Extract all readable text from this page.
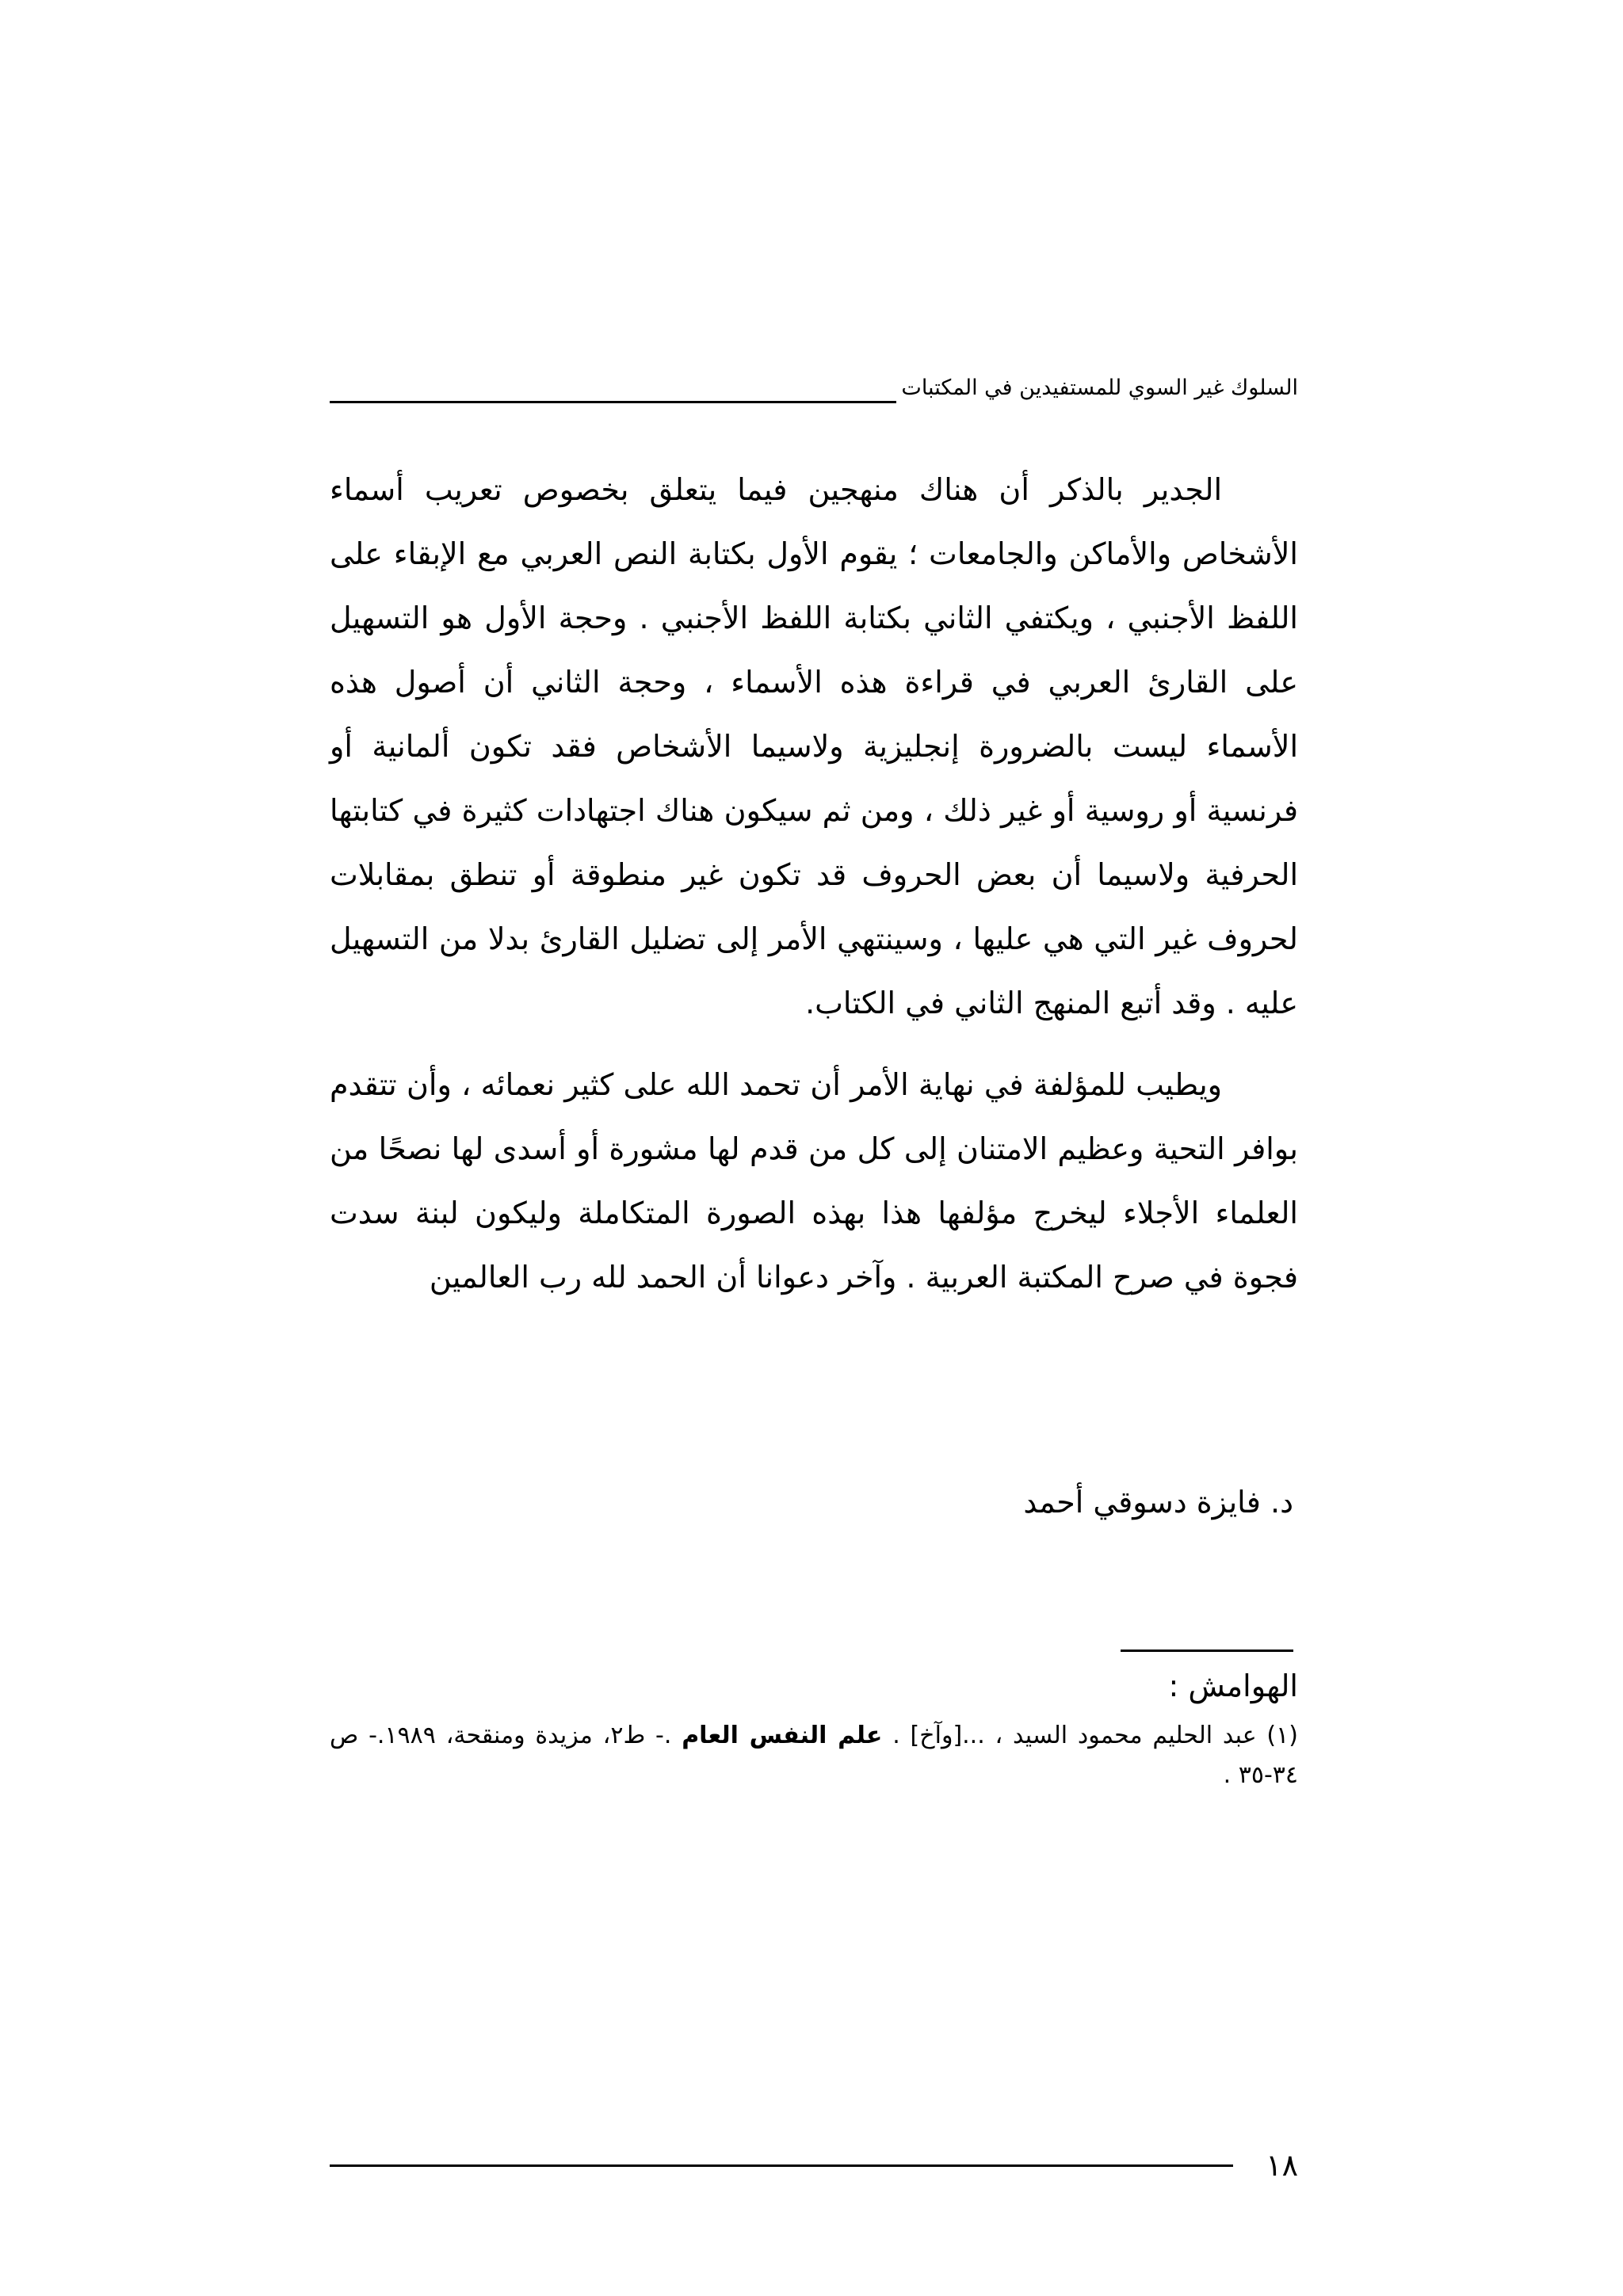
السلوك غير السوي للمستفيدين في المكتبات

الجدير بالذكر أن هناك منهجين فيما يتعلق بخصوص تعريب أسماء الأشخاص والأماكن والجامعات ؛ يقوم الأول بكتابة النص العربي مع الإبقاء على اللفظ الأجنبي ، ويكتفي الثاني بكتابة اللفظ الأجنبي . وحجة الأول هو التسهيل على القارئ العربي في قراءة هذه الأسماء ، وحجة الثاني أن أصول هذه الأسماء ليست بالضرورة إنجليزية ولاسيما الأشخاص فقد تكون ألمانية أو فرنسية أو روسية أو غير ذلك ، ومن ثم سيكون هناك اجتهادات كثيرة في كتابتها الحرفية ولاسيما أن بعض الحروف قد تكون غير منطوقة أو تنطق بمقابلات لحروف غير التي هي عليها ، وسينتهي الأمر إلى تضليل القارئ بدلا من التسهيل عليه . وقد أتبع المنهج الثاني في الكتاب.

ويطيب للمؤلفة في نهاية الأمر أن تحمد الله على كثير نعمائه ، وأن تتقدم بوافر التحية وعظيم الامتنان إلى كل من قدم لها مشورة أو أسدى لها نصحًا من العلماء الأجلاء ليخرج مؤلفها هذا بهذه الصورة المتكاملة وليكون لبنة سدت فجوة في صرح المكتبة العربية . وآخر دعوانا أن الحمد لله رب العالمين

د. فايزة دسوقي أحمد

الهوامش :

(١) عبد الحليم محمود السيد ، ...[وآخ] . علم النفس العام .- ط٢، مزيدة ومنقحة، ١٩٨٩.- ص ٣٤-٣٥ .

١٨
